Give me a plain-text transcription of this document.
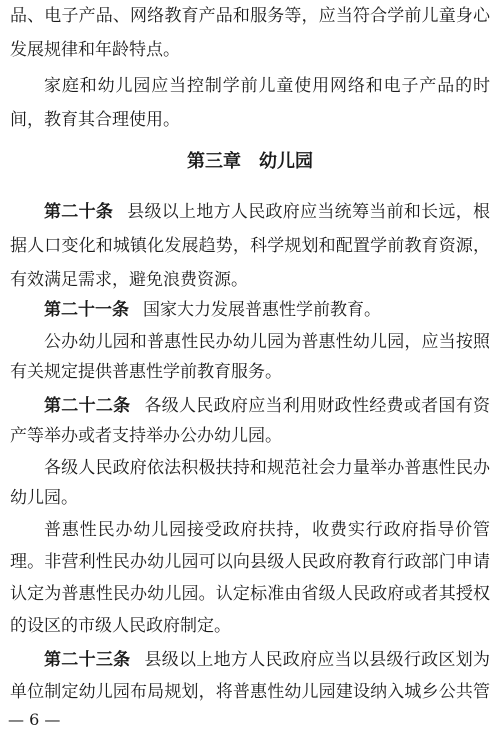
品、电子产品、网络教育产品和服务等，应当符合学前儿童身心
发展规律和年龄特点。
家庭和幼儿园应当控制学前儿童使用网络和电子产品的时
间，教育其合理使用。
第三章　幼儿园
第二十条 县级以上地方人民政府应当统筹当前和长远，根
据人口变化和城镇化发展趋势，科学规划和配置学前教育资源，
有效满足需求，避免浪费资源。
第二十一条 国家大力发展普惠性学前教育。
公办幼儿园和普惠性民办幼儿园为普惠性幼儿园，应当按照
有关规定提供普惠性学前教育服务。
第二十二条 各级人民政府应当利用财政性经费或者国有资
产等举办或者支持举办公办幼儿园。
各级人民政府依法积极扶持和规范社会力量举办普惠性民办
幼儿园。
普惠性民办幼儿园接受政府扶持，收费实行政府指导价管
理。非营利性民办幼儿园可以向县级人民政府教育行政部门申请
认定为普惠性民办幼儿园。认定标准由省级人民政府或者其授权
的设区的市级人民政府制定。
第二十三条 县级以上地方人民政府应当以县级行政区划为
单位制定幼儿园布局规划，将普惠性幼儿园建设纳入城乡公共管
— 6 —
